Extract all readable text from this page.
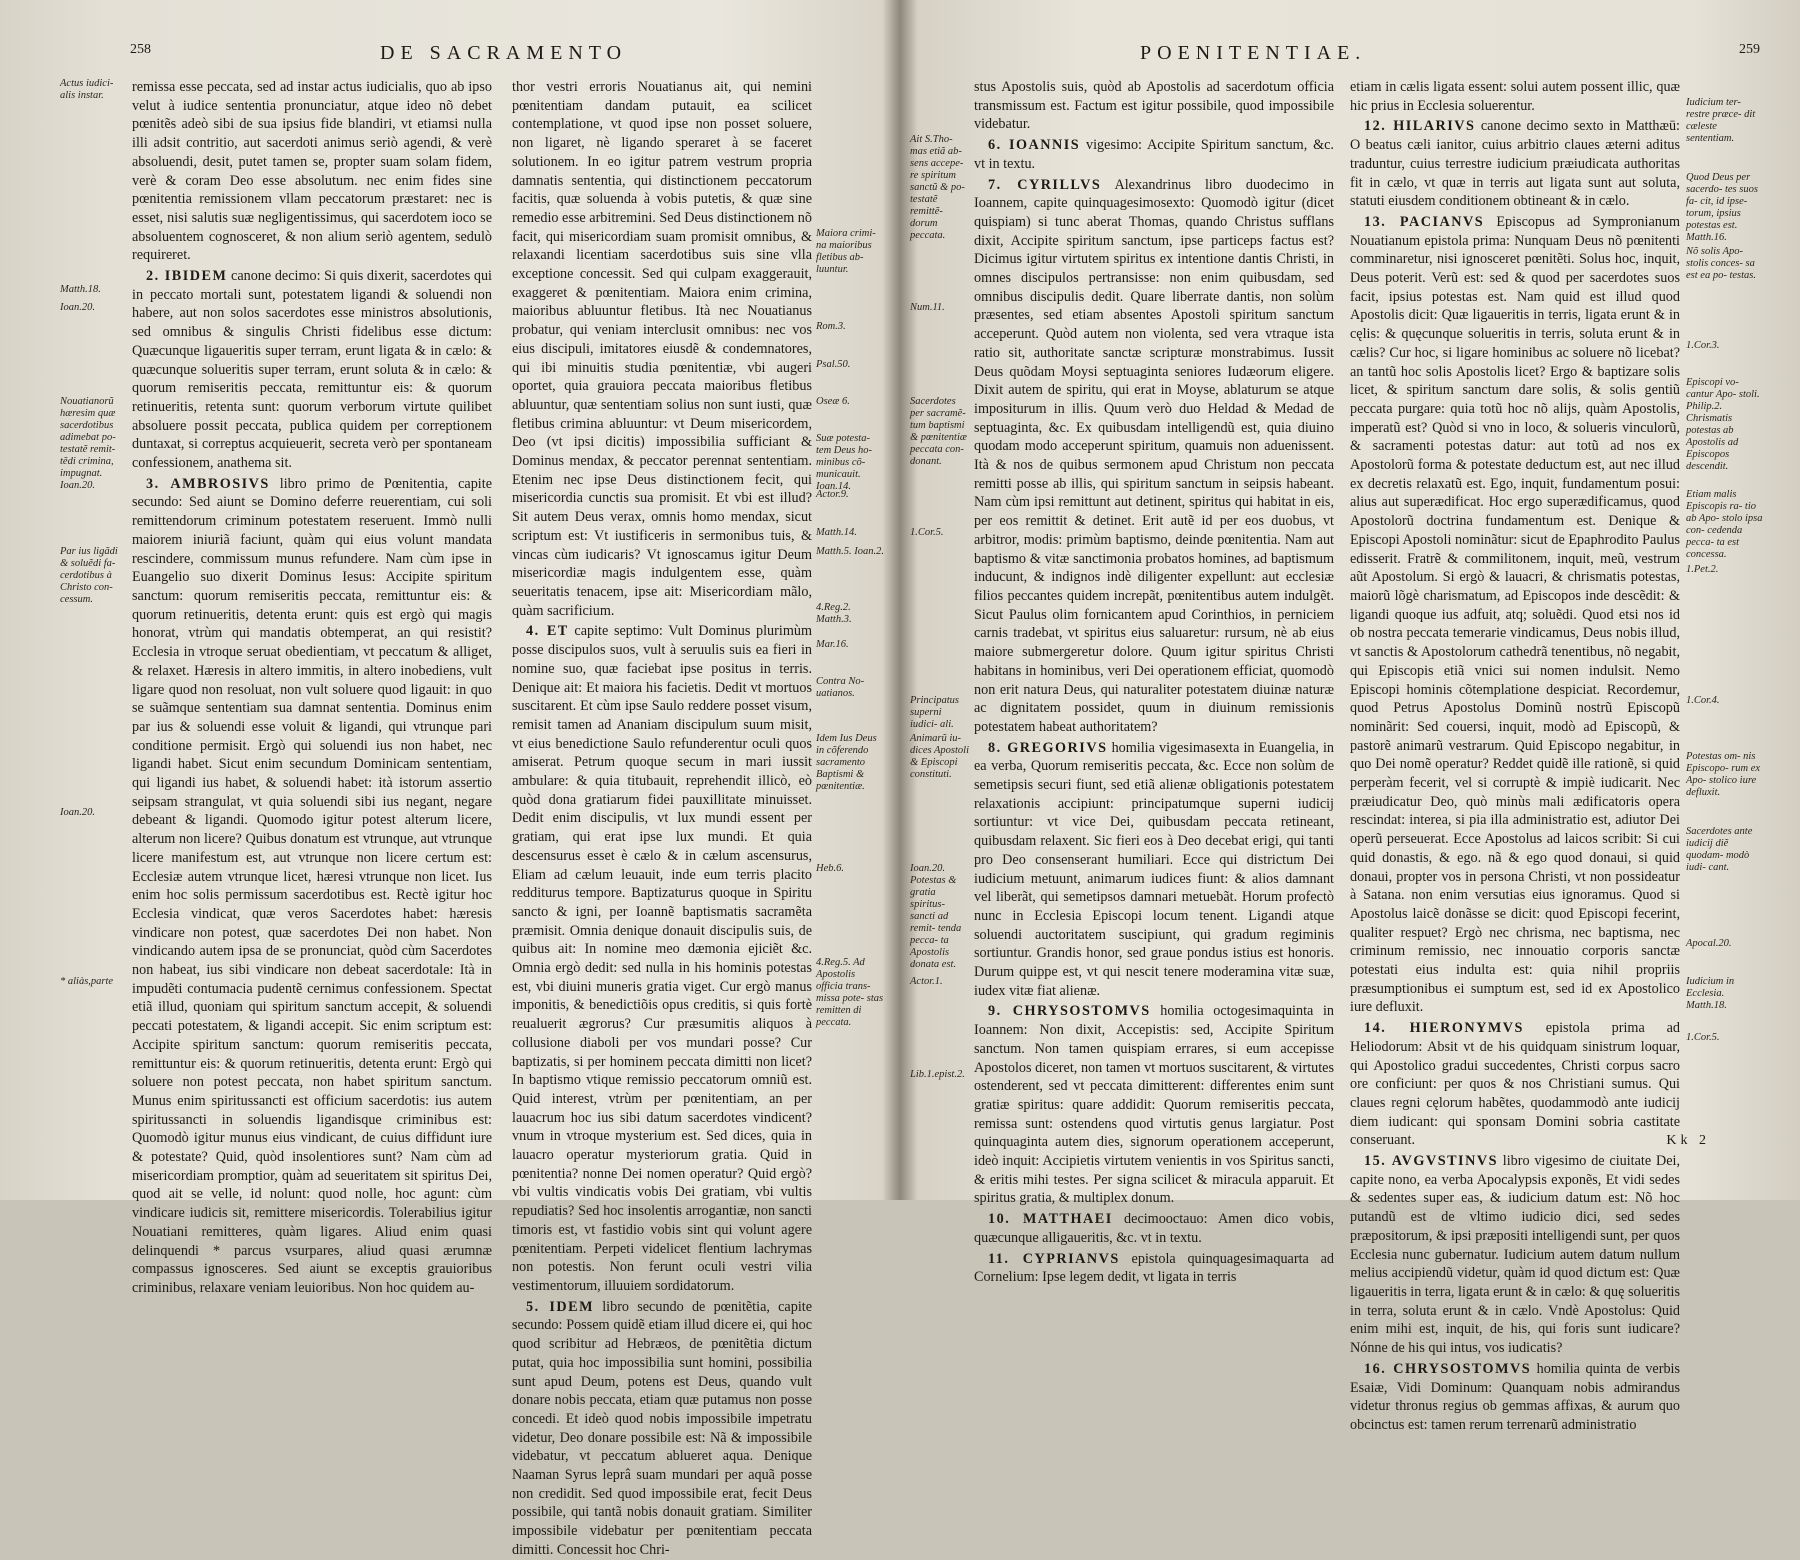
258	DE SACRAMENTO
Actus iudici- alis instar.
Matth.18.
Ioan.20.
Nouatianorũ hæresim quæ sacerdotibus adimebat po- testatẽ remit- tẽdi crimina, impugnat. Ioan.20.
Par ius ligãdi & soluẽdi fa- cerdotibus à Christo con- cessum.
Ioan.20.
* aliàs,parte

remissa esse peccata, sed ad instar actus iudicialis, quo ab ipso velut à iudice sententia pronunciatur, atque ideo nõ debet pœnitẽs adeò sibi de sua ipsius fide blandiri, vt etiamsi nulla illi adsit contritio, aut sacerdoti animus seriò agendi, & verè absoluendi, desit, putet tamen se, propter suam solam fidem, verè & coram Deo esse absolutum. nec enim fides sine pœnitentia remissionem vllam peccatorum præstaret: nec is esset, nisi salutis suæ negligentissimus, qui sacerdotem ioco se absoluentem cognosceret, & non alium seriò agentem, sedulò requireret.

2. IBIDEM canone decimo: Si quis dixerit, sacerdotes qui in peccato mortali sunt, potestatem ligandi & soluendi non habere, aut non solos sacerdotes esse ministros absolutionis, sed omnibus & singulis Christi fidelibus esse dictum: Quæcunque ligaueritis super terram, erunt ligata & in cælo: & quæcunque solueritis super terram, erunt soluta & in cælo: & quorum remiseritis peccata, remittuntur eis: & quorum retinueritis, retenta sunt: quorum verborum virtute quilibet absoluere possit peccata, publica quidem per correptionem duntaxat, si correptus acquieuerit, secreta verò per spontaneam confessionem, anathema sit.

3. AMBROSIVS libro primo de Pœnitentia, capite secundo: Sed aiunt se Domino deferre reuerentiam, cui soli remittendorum criminum potestatem reseruent. Immò nulli maiorem iniuriã faciunt, quàm qui eius volunt mandata rescindere, commissum munus refundere. Nam cùm ipse in Euangelio suo dixerit Dominus Iesus: Accipite spiritum sanctum: quorum remiseritis peccata, remittuntur eis: & quorum retinueritis, detenta erunt: quis est ergò qui magis honorat, vtrùm qui mandatis obtemperat, an qui resistit? Ecclesia in vtroque seruat obedientiam, vt peccatum & alliget, & relaxet. Hæresis in altero immitis, in altero inobediens, vult ligare quod non resoluat, non vult soluere quod ligauit: in quo se suãmque sententiam sua damnat sententia. Dominus enim par ius & soluendi esse voluit & ligandi, qui vtrunque pari conditione permisit. Ergò qui soluendi ius non habet, nec ligandi habet. Sicut enim secundum Dominicam sententiam, qui ligandi ius habet, & soluendi habet: ità istorum assertio seipsam strangulat, vt quia soluendi sibi ius negant, negare debeant & ligandi. Quomodo igitur potest alterum licere, alterum non licere? Quibus donatum est vtrunque, aut vtrunque licere manifestum est, aut vtrunque non licere certum est: Ecclesiæ autem vtrunque licet, hæresi vtrunque non licet. Ius enim hoc solis permissum sacerdotibus est. Rectè igitur hoc Ecclesia vindicat, quæ veros Sacerdotes habet: hæresis vindicare non potest, quæ sacerdotes Dei non habet. Non vindicando autem ipsa de se pronunciat, quòd cùm Sacerdotes non habeat, ius sibi vindicare non debeat sacerdotale: Ità in impudẽti contumacia pudentẽ cernimus confessionem. Spectat etiã illud, quoniam qui spiritum sanctum accepit, & soluendi peccati potestatem, & ligandi accepit. Sic enim scriptum est: Accipite spiritum sanctum: quorum remiseritis peccata, remittuntur eis: & quorum retinueritis, detenta erunt: Ergò qui soluere non potest peccata, non habet spiritum sanctum. Munus enim spiritussancti est officium sacerdotis: ius autem spiritussancti in soluendis ligandisque criminibus est: Quomodò igitur munus eius vindicant, de cuius diffidunt iure & potestate? Quid, quòd insolentiores sunt? Nam cùm ad misericordiam promptior, quàm ad seueritatem sit spiritus Dei, quod ait se velle, id nolunt: quod nolle, hoc agunt: cùm vindicare iudicis sit, remittere misericordis. Tolerabilius igitur Nouatiani remitteres, quàm ligares. Aliud enim quasi delinquendi * parcus vsurpares, aliud quasi ærumnæ compassus ignosceres. Sed aiunt se exceptis grauioribus criminibus, relaxare veniam leuioribus. Non hoc quidem au-

thor vestri erroris Nouatianus ait, qui nemini pœnitentiam dandam putauit, ea scilicet contemplatione, vt quod ipse non posset soluere, non ligaret, nè ligando speraret à se faceret solutionem. In eo igitur patrem vestrum propria damnatis sententia, qui distinctionem peccatorum facitis, quæ soluenda à vobis putetis, & quæ sine remedio esse arbitremini. Sed Deus distinctionem nõ facit, qui misericordiam suam promisit omnibus, & relaxandi licentiam sacerdotibus suis sine vlla exceptione concessit. Sed qui culpam exaggerauit, exaggeret & pœnitentiam. Maiora enim crimina, maioribus abluuntur fletibus. Ità nec Nouatianus probatur, qui veniam interclusit omnibus: nec vos eius discipuli, imitatores eiusdẽ & condemnatores, qui ibi minuitis studia pœnitentiæ, vbi augeri oportet, quia grauiora peccata maioribus fletibus abluuntur, quæ sententiam solius non sunt iusti, quæ fletibus crimina abluuntur: vt Deum misericordem, Deo (vt ipsi dicitis) impossibilia sufficiant & Dominus mendax, & peccator perennat sententiam. Etenim nec ipse Deus distinctionem fecit, qui misericordia cunctis sua promisit. Et vbi est illud? Sit autem Deus verax, omnis homo mendax, sicut scriptum est: Vt iustificeris in sermonibus tuis, & vincas cùm iudicaris? Vt ignoscamus igitur Deum misericordiæ magis indulgentem esse, quàm seueritatis tenacem, ipse ait: Misericordiam mãlo, quàm sacrificium.

4. ET capite septimo: Vult Dominus plurimùm posse discipulos suos, vult à seruulis suis ea fieri in nomine suo, quæ faciebat ipse positus in terris. Denique ait: Et maiora his facietis. Dedit vt mortuos suscitarent. Et cùm ipse Saulo reddere posset visum, remisit tamen ad Ananiam discipulum suum misit, vt eius benedictione Saulo refunderentur oculi quos amiserat. Petrum quoque secum in mari iussit ambulare: & quia titubauit, reprehendit illicò, eò quòd dona gratiarum fidei pauxillitate minuisset. Dedit enim discipulis, vt lux mundi essent per gratiam, qui erat ipse lux mundi. Et quia descensurus esset è cælo & in cælum ascensurus, Eliam ad cælum leuauit, inde eum terris placito redditurus tempore. Baptizaturus quoque in Spiritu sancto & igni, per Ioannẽ baptismatis sacramẽta præmisit. Omnia denique donauit discipulis suis, de quibus ait: In nomine meo dæmonia ejiciẽt &c. Omnia ergò dedit: sed nulla in his hominis potestas est, vbi diuini muneris gratia viget. Cur ergò manus imponitis, & benedictiõis opus creditis, si quis fortè reualuerit ægrorus? Cur præsumitis aliquos à collusione diaboli per vos mundari posse? Cur baptizatis, si per hominem peccata dimitti non licet? In baptismo vtique remissio peccatorum omniũ est. Quid interest, vtrùm per pœnitentiam, an per lauacrum hoc ius sibi datum sacerdotes vindicent? vnum in vtroque mysterium est. Sed dices, quia in lauacro operatur mysteriorum gratia. Quid in pœnitentia? nonne Dei nomen operatur? Quid ergò? vbi vultis vindicatis vobis Dei gratiam, vbi vultis repudiatis? Sed hoc insolentis arrogantiæ, non sancti timoris est, vt fastidio vobis sint qui volunt agere pœnitentiam. Perpeti videlicet flentium lachrymas non potestis. Non ferunt oculi vestri vilia vestimentorum, illuuiem sordidatorum.

5. IDEM libro secundo de pœnitẽtia, capite secundo: Possem quidẽ etiam illud dicere ei, qui hoc quod scribitur ad Hebræos, de pœnitẽtia dictum putat, quia hoc impossibilia sunt homini, possibilia sunt apud Deum, potens est Deus, quando vult donare nobis peccata, etiam quæ putamus non posse concedi. Et ideò quod nobis impossibile impetratu videtur, Deo donare possibile est: Nã & impossibile videbatur, vt peccatum ablueret aqua. Denique Naaman Syrus leprâ suam mundari per aquã posse non credidit. Sed quod impossibile erat, fecit Deus possibile, qui tantã nobis donauit gratiam. Similiter impossibile videbatur per pœnitentiam peccata dimitti. Concessit hoc Chri-

Maiora crimi- na maioribus fletibus ab- luuntur.
Rom.3.
Psal.50.
Oseæ 6.
Suæ potesta- tem Deus ho- minibus cõ- municauit. Ioan.14.
Actor.9.
Matth.14.
Matth.5. Ioan.2.
4.Reg.2. Matth.3.
Mar.16.
Contra No- uatianos.
Idem Ius Deus in cõferendo sacramento Baptismi & pœnitentiæ.
Heb.6.
4.Reg.5. Ad Apostolis officia trans- missa pote- stas remitten di peccata.
POENITENTIAE.	259
Ait S.Tho- mas etiã ab- sens accepe- re spiritum sanctũ & po- testatẽ remittẽ- dorum peccata.
Num.11.
Sacerdotes per sacramẽ- tum baptismi & pœnitentiæ peccata con- donant.
1.Cor.5.
Principatus superni iudici- ali.
Animarũ iu- dices Apostoli & Episcopi constituti.
Ioan.20. Potestas & gratia spiritus- sancti ad remit- tenda pecca- ta Apostolis donata est.
Actor.1.
Lib.1.epist.2.

stus Apostolis suis, quòd ab Apostolis ad sacerdotum officia transmissum est. Factum est igitur possibile, quod impossibile videbatur.

6. IOANNIS vigesimo: Accipite Spiritum sanctum, &c. vt in textu.

7. CYRILLVS Alexandrinus libro duodecimo in Ioannem, capite quinquagesimosexto: Quomodò igitur (dicet quispiam) si tunc aberat Thomas, quando Christus sufflans dixit, Accipite spiritum sanctum, ipse particeps factus est? Dicimus igitur virtutem spiritus ex intentione dantis Christi, in omnes discipulos pertransisse: non enim quibusdam, sed omnibus discipulis dedit. Quare liberrate dantis, non solùm præsentes, sed etiam absentes Apostoli spiritum sanctum acceperunt. Quòd autem non violenta, sed vera vtraque ista ratio sit, authoritate sanctæ scripturæ monstrabimus. Iussit Deus quõdam Moysi septuaginta seniores Iudæorum eligere. Dixit autem de spiritu, qui erat in Moyse, ablaturum se atque impositurum in illis. Quum verò duo Heldad & Medad de septuaginta, &c. Ex quibusdam intelligendũ est, quia diuino quodam modo acceperunt spiritum, quamuis non aduenissent. Ità & nos de quibus sermonem apud Christum non peccata remitti posse ab illis, qui spiritum sanctum in seipsis habeant. Nam cùm ipsi remittunt aut detinent, spiritus qui habitat in eis, per eos remittit & detinet. Erit autẽ id per eos duobus, vt arbitror, modis: primùm baptismo, deinde pœnitentia. Nam aut baptismo & vitæ sanctimonia probatos homines, ad baptismum inducunt, & indignos indè diligenter expellunt: aut ecclesiæ filios peccantes quidem increpãt, pœnitentibus autem indulgẽt. Sicut Paulus olim fornicantem apud Corinthios, in perniciem carnis tradebat, vt spiritus eius saluaretur: rursum, nè ab eius maiore submergeretur dolore. Quum igitur spiritus Christi habitans in hominibus, veri Dei operationem efficiat, quomodò non erit natura Deus, qui naturaliter potestatem diuinæ naturæ ac dignitatem possidet, quum in diuinum remissionis potestatem habeat authoritatem?

8. GREGORIVS homilia vigesimasexta in Euangelia, in ea verba, Quorum remiseritis peccata, &c. Ecce non solùm de semetipsis securi fiunt, sed etiã alienæ obligationis potestatem relaxationis accipiunt: principatumque superni iudicij sortiuntur: vt vice Dei, quibusdam peccata retineant, quibusdam relaxent. Sic fieri eos à Deo decebat erigi, qui tanti pro Deo consenserant humiliari. Ecce qui districtum Dei iudicium metuunt, animarum iudices fiunt: & alios damnant vel liberãt, qui semetipsos damnari metuebãt. Horum profectò nunc in Ecclesia Episcopi locum tenent. Ligandi atque soluendi auctoritatem suscipiunt, qui gradum regiminis sortiuntur. Grandis honor, sed graue pondus istius est honoris. Durum quippe est, vt qui nescit tenere moderamina vitæ suæ, iudex vitæ fiat alienæ.

9. CHRYSOSTOMVS homilia octogesimaquinta in Ioannem: Non dixit, Accepistis: sed, Accipite Spiritum sanctum. Non tamen quispiam errares, si eum accepisse Apostolos diceret, non tamen vt mortuos suscitarent, & virtutes ostenderent, sed vt peccata dimitterent: differentes enim sunt gratiæ spiritus: quare addidit: Quorum remiseritis peccata, remissa sunt: ostendens quod virtutis genus largiatur. Post quinquaginta autem dies, signorum operationem acceperunt, ideò inquit: Accipietis virtutem venientis in vos Spiritus sancti, & eritis mihi testes. Per signa scilicet & miracula apparuit. Et spiritus gratia, & multiplex donum.

10. MATTHAEI decimooctauo: Amen dico vobis, quæcunque alligaueritis, &c. vt in textu.

11. CYPRIANVS epistola quinquagesimaquarta ad Cornelium: Ipse legem dedit, vt ligata in terris

etiam in cælis ligata essent: solui autem possent illic, quæ hic prius in Ecclesia soluerentur.

12. HILARIVS canone decimo sexto in Matthæū: O beatus cæli ianitor, cuius arbitrio claues æterni aditus traduntur, cuius terrestre iudicium præiudicata authoritas fit in cælo, vt quæ in terris aut ligata sunt aut soluta, statuti eiusdem conditionem obtineant & in cælo.

13. PACIANVS Episcopus ad Sympronianum Nouatianum epistola prima: Nunquam Deus nõ pœnitenti comminaretur, nisi ignosceret pœnitẽti. Solus hoc, inquit, Deus poterit. Verũ est: sed & quod per sacerdotes suos facit, ipsius potestas est. Nam quid est illud quod Apostolis dicit: Quæ ligaueritis in terris, ligata erunt & in cęlis: & quęcunque solueritis in terris, soluta erunt & in cælis? Cur hoc, si ligare hominibus ac soluere nõ licebat? an tantũ hoc solis Apostolis licet? Ergo & baptizare solis licet, & spiritum sanctum dare solis, & solis gentiũ peccata purgare: quia totũ hoc nõ alijs, quàm Apostolis, imperatũ est? Quòd si vno in loco, & solueris vinculorũ, & sacramenti potestas datur: aut totũ ad nos ex Apostolorũ forma & potestate deductum est, aut nec illud ex decretis relaxatũ est. Ego, inquit, fundamentum posui: alius aut superædificat. Hoc ergo superædificamus, quod Apostolorũ doctrina fundamentum est. Denique & Episcopi Apostoli nominãtur: sicut de Epaphrodito Paulus edisserit. Fratrẽ & commilitonem, inquit, meũ, vestrum aũt Apostolum. Si ergò & lauacri, & chrismatis potestas, maiorũ lõgè charismatum, ad Episcopos inde descẽdit: & ligandi quoque ius adfuit, atq; soluẽdi. Quod etsi nos id ob nostra peccata temerarie vindicamus, Deus nobis illud, vt sanctis & Apostolorum cathedrã tenentibus, nõ negabit, qui Episcopis etiã vnici sui nomen indulsit. Nemo Episcopi hominis cõtemplatione despiciat. Recordemur, quod Petrus Apostolus Dominũ nostrũ Episcopũ nominãrit: Sed couersi, inquit, modò ad Episcopũ, & pastorẽ animarũ vestrarum. Quid Episcopo negabitur, in quo Dei nomẽ operatur? Reddet quidẽ ille rationẽ, si quid perperàm fecerit, vel si corruptè & impiè iudicarit. Nec præiudicatur Deo, quò minùs mali ædificatoris opera rescindat: interea, si pia illa administratio est, adiutor Dei operũ perseuerat. Ecce Apostolus ad laicos scribit: Si cui quid donastis, & ego. nã & ego quod donaui, si quid donaui, propter vos in persona Christi, vt non possideatur à Satana. non enim versutias eius ignoramus. Quod si Apostolus laicẽ donãsse se dicit: quod Episcopi fecerint, qualiter respuet? Ergò nec chrisma, nec baptisma, nec criminum remissio, nec innouatio corporis sanctæ potestati eius indulta est: quia nihil propriis præsumptionibus ei sumptum est, sed id ex Apostolico iure defluxit.

14. HIERONYMVS epistola prima ad Heliodorum: Absit vt de his quidquam sinistrum loquar, qui Apostolico gradui succedentes, Christi corpus sacro ore conficiunt: per quos & nos Christiani sumus. Qui claues regni cęlorum habẽtes, quodammodò ante iudicij diem iudicant: qui sponsam Domini sobria castitate conseruant.

15. AVGVSTINVS libro vigesimo de ciuitate Dei, capite nono, ea verba Apocalypsis exponẽs, Et vidi sedes & sedentes super eas, & iudicium datum est: Nõ hoc putandũ est de vltimo iudicio dici, sed sedes præpositorum, & ipsi præpositi intelligendi sunt, per quos Ecclesia nunc gubernatur. Iudicium autem datum nullum melius accipiendũ videtur, quàm id quod dictum est: Quæ ligaueritis in terra, ligata erunt & in cælo: & quę solueritis in terra, soluta erunt & in cælo. Vndè Apostolus: Quid enim mihi est, inquit, de his, qui foris sunt iudicare? Nónne de his qui intus, vos iudicatis?

16. CHRYSOSTOMVS homilia quinta de verbis Esaiæ, Vidi Dominum: Quanquam nobis admirandus videtur thronus regius ob gemmas affixas, & aurum quo obcinctus est: tamen rerum terrenarũ administratio

Iudicium ter- restre præce- dit cæleste sententiam.
Quod Deus per sacerdo- tes suos fa- cit, id ipse- torum, ipsius potestas est. Matth.16.
Nõ solis Apo- stolis conces- sa est ea po- testas.
1.Cor.3.
Episcopi vo- cantur Apo- stoli. Philip.2. Chrismatis potestas ab Apostolis ad Episcopos descendit.
Etiam malis Episcopis ra- tio ab Apo- stolo ipsa con- cedenda pecca- ta est concessa.
1.Pet.2.
1.Cor.4.
Potestas om- nis Episcopo- rum ex Apo- stolico iure defluxit.
Sacerdotes ante iudicij diẽ quodam- modò iudi- cant.
Apocal.20.
Iudicium in Ecclesia. Matth.18.
1.Cor.5.
Kk 2
